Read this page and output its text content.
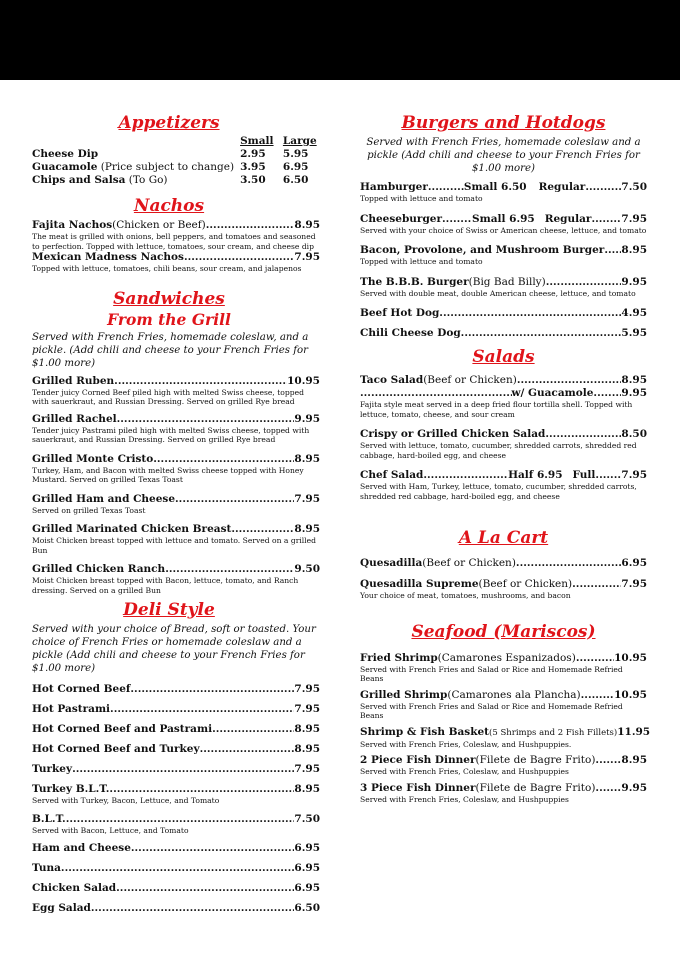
Appetizers
	Small	Large
Cheese Dip	2.95	5.95
Guacamole (Price subject to change)	3.95	6.95
Chips and Salsa (To Go)	3.50	6.50
Nachos
Fajita Nachos (Chicken or Beef) .....	8.95

The meat is grilled with onions, bell peppers, and tomatoes and seasoned to perfection. Topped with lettuce, tomatoes, sour cream, and cheese dip

Mexican Madness Nachos .....	7.95

Topped with lettuce, tomatoes, chili beans, sour cream, and jalapenos

Sandwiches
From the Grill

Served with French Fries, homemade coleslaw, and a pickle. (Add chili and cheese to your French Fries for $1.00 more)

Grilled Ruben .....	10.95

Tender juicy Corned Beef piled high with melted Swiss cheese, topped with sauerkraut, and Russian Dressing. Served on grilled Rye bread

Grilled Rachel .....	9.95

Tender juicy Pastrami piled high with melted Swiss cheese, topped with sauerkraut, and Russian Dressing. Served on grilled Rye bread

Grilled Monte Cristo .....	8.95

Turkey, Ham, and Bacon with melted Swiss cheese topped with Honey Mustard. Served on grilled Texas Toast

Grilled Ham and Cheese .....	7.95

Served on grilled Texas Toast

Grilled Marinated Chicken Breast .....	8.95

Moist Chicken breast topped with lettuce and tomato. Served on a grilled Bun

Grilled Chicken Ranch .....	9.50

Moist Chicken breast topped with Bacon, lettuce, tomato, and Ranch dressing. Served on a grilled Bun

Deli Style

Served with your choice of Bread, soft or toasted. Your choice of French Fries or homemade coleslaw and a pickle (Add chili and cheese to your French Fries for $1.00 more)

Hot Corned Beef .....	7.95
Hot Pastrami .....	7.95
Hot Corned Beef and Pastrami .....	8.95
Hot Corned Beef and Turkey .....	8.95
Turkey .....	7.95
Turkey B.L.T. .....	8.95

Served with Turkey, Bacon, Lettuce, and Tomato

B.L.T. .....	7.50

Served with Bacon, Lettuce, and Tomato

Ham and Cheese .....	6.95
Tuna .....	6.95
Chicken Salad .....	6.95
Egg Salad .....	6.50
Burgers and Hotdogs

Served with French Fries, homemade coleslaw and a pickle (Add chili and cheese to your French Fries for $1.00 more)

Hamburger .....	Small 6.50 Regular .....	7.50

Topped with lettuce and tomato

Cheeseburger .....	Small 6.95 Regular .....	7.95

Served with your choice of Swiss or American cheese, lettuce, and tomato

Bacon, Provolone, and Mushroom Burger ..... 8.95

Topped with lettuce and tomato

The B.B.B. Burger (Big Bad Billy) .....	9.95

Served with double meat, double American cheese, lettuce, and tomato

Beef Hot Dog .....	4.95
Chili Cheese Dog .....	5.95
Salads
Taco Salad (Beef or Chicken) .....	8.95
.....
w/ Guacamole .....	9.95

Fajita style meat served in a deep fried flour tortilla shell. Topped with lettuce, tomato, cheese, and sour cream

Crispy or Grilled Chicken Salad .....	8.50

Served with lettuce, tomato, cucumber, shredded carrots, shredded red cabbage, hard-boiled egg, and cheese

Chef Salad .....	Half 6.95 Full ..... 7.95

Served with Ham, Turkey, lettuce, tomato, cucumber, shredded carrots, shredded red cabbage, hard-boiled egg, and cheese

A La Cart
Quesadilla (Beef or Chicken) .....	6.95
Quesadilla Supreme (Beef or Chicken) .....	7.95

Your choice of meat, tomatoes, mushrooms, and bacon

Seafood (Mariscos)
Fried Shrimp (Camarones Espanizados) .....	10.95

Served with French Fries and Salad or Rice and Homemade Refried Beans

Grilled Shrimp (Camarones ala Plancha) .....	10.95

Served with French Fries and Salad or Rice and Homemade Refried Beans

Shrimp & Fish Basket (5 Shrimps and 2 Fish Fillets) 11.95

Served with French Fries, Coleslaw, and Hushpuppies.

2 Piece Fish Dinner (Filete de Bagre Frito) ..... 8.95

Served with French Fries, Coleslaw, and Hushpuppies

3 Piece Fish Dinner (Filete de Bagre Frito) ..... 9.95

Served with French Fries, Coleslaw, and Hushpuppies
